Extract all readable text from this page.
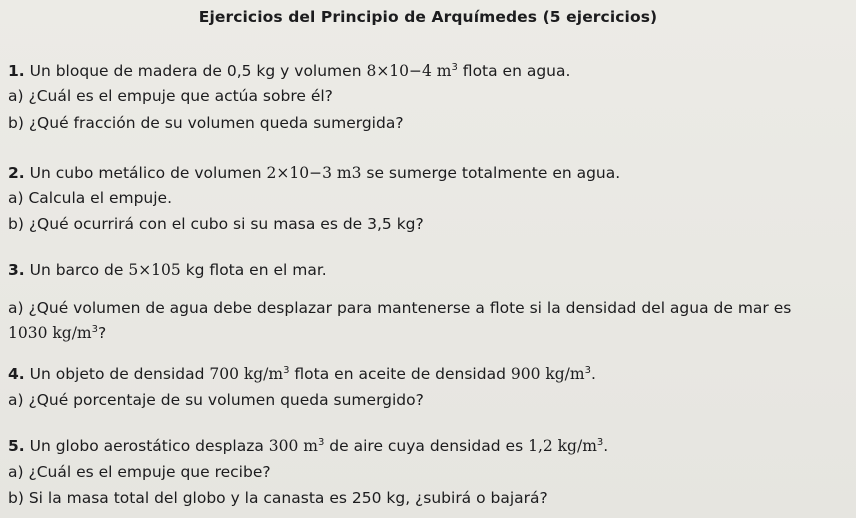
Ejercicios del Principio de Arquímedes (5 ejercicios)
1. Un bloque de madera de 0,5 kg y volumen 8×10−4 $m^3$ flota en agua.
a) ¿Cuál es el empuje que actúa sobre él?
b) ¿Qué fracción de su volumen queda sumergida?
2. Un cubo metálico de volumen 2×10−3 m3 se sumerge totalmente en agua.
a) Calcula el empuje.
b) ¿Qué ocurrirá con el cubo si su masa es de 3,5 kg?
3. Un barco de 5×105 kg flota en el mar.
a) ¿Qué volumen de agua debe desplazar para mantenerse a flote si la densidad del agua de mar es
1030 $kg/m^3$?
4. Un objeto de densidad 700 $kg/m^3$ flota en aceite de densidad 900 $kg/m^3$.
a) ¿Qué porcentaje de su volumen queda sumergido?
5. Un globo aerostático desplaza 300 $m^3$ de aire cuya densidad es 1,2 $kg/m^3$.
a) ¿Cuál es el empuje que recibe?
b) Si la masa total del globo y la canasta es 250 kg, ¿subirá o bajará?
